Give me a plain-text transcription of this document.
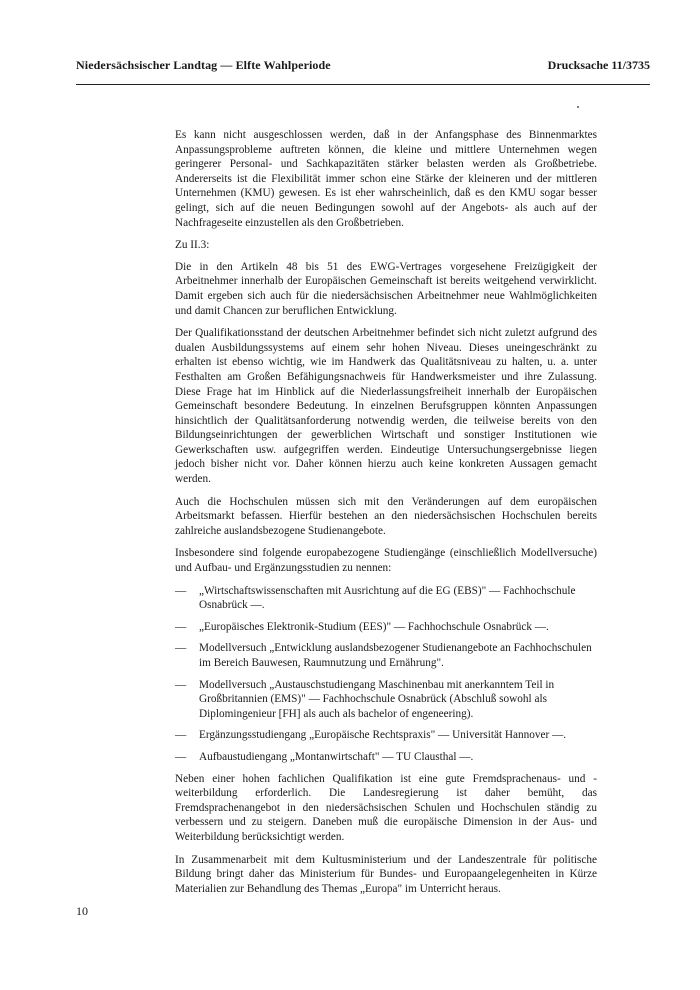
Niedersächsischer Landtag — Elfte Wahlperiode	Drucksache 11/3735

Es kann nicht ausgeschlossen werden, daß in der Anfangsphase des Binnenmarktes Anpassungsprobleme auftreten können, die kleine und mittlere Unternehmen wegen geringerer Personal- und Sachkapazitäten stärker belasten werden als Großbetriebe. Andererseits ist die Flexibilität immer schon eine Stärke der kleineren und der mittleren Unternehmen (KMU) gewesen. Es ist eher wahrscheinlich, daß es den KMU sogar besser gelingt, sich auf die neuen Bedingungen sowohl auf der Angebots- als auch auf der Nachfrageseite einzustellen als den Großbetrieben.

Zu II.3:

Die in den Artikeln 48 bis 51 des EWG-Vertrages vorgesehene Freizügigkeit der Arbeitnehmer innerhalb der Europäischen Gemeinschaft ist bereits weitgehend verwirklicht. Damit ergeben sich auch für die niedersächsischen Arbeitnehmer neue Wahlmöglichkeiten und damit Chancen zur beruflichen Entwicklung.

Der Qualifikationsstand der deutschen Arbeitnehmer befindet sich nicht zuletzt aufgrund des dualen Ausbildungssystems auf einem sehr hohen Niveau. Dieses uneingeschränkt zu erhalten ist ebenso wichtig, wie im Handwerk das Qualitätsniveau zu halten, u. a. unter Festhalten am Großen Befähigungsnachweis für Handwerksmeister und ihre Zulassung. Diese Frage hat im Hinblick auf die Niederlassungsfreiheit innerhalb der Europäischen Gemeinschaft besondere Bedeutung. In einzelnen Berufsgruppen könnten Anpassungen hinsichtlich der Qualitätsanforderung notwendig werden, die teilweise bereits von den Bildungseinrichtungen der gewerblichen Wirtschaft und sonstiger Institutionen wie Gewerkschaften usw. aufgegriffen werden. Eindeutige Untersuchungsergebnisse liegen jedoch bisher nicht vor. Daher können hierzu auch keine konkreten Aussagen gemacht werden.

Auch die Hochschulen müssen sich mit den Veränderungen auf dem europäischen Arbeitsmarkt befassen. Hierfür bestehen an den niedersächsischen Hochschulen bereits zahlreiche auslandsbezogene Studienangebote.

Insbesondere sind folgende europabezogene Studiengänge (einschließlich Modellversuche) und Aufbau- und Ergänzungsstudien zu nennen:

— „Wirtschaftswissenschaften mit Ausrichtung auf die EG (EBS)" — Fachhochschule Osnabrück —.
— „Europäisches Elektronik-Studium (EES)" — Fachhochschule Osnabrück —.
— Modellversuch „Entwicklung auslandsbezogener Studienangebote an Fachhochschulen im Bereich Bauwesen, Raumnutzung und Ernährung".
— Modellversuch „Austauschstudiengang Maschinenbau mit anerkanntem Teil in Großbritannien (EMS)" — Fachhochschule Osnabrück (Abschluß sowohl als Diplomingenieur [FH] als auch als bachelor of engeneering).
— Ergänzungsstudiengang „Europäische Rechtspraxis" — Universität Hannover —.
— Aufbaustudiengang „Montanwirtschaft" — TU Clausthal —.

Neben einer hohen fachlichen Qualifikation ist eine gute Fremdsprachenaus- und -weiterbildung erforderlich. Die Landesregierung ist daher bemüht, das Fremdsprachenangebot in den niedersächsischen Schulen und Hochschulen ständig zu verbessern und zu steigern. Daneben muß die europäische Dimension in der Aus- und Weiterbildung berücksichtigt werden.

In Zusammenarbeit mit dem Kultusministerium und der Landeszentrale für politische Bildung bringt daher das Ministerium für Bundes- und Europaangelegenheiten in Kürze Materialien zur Behandlung des Themas „Europa" im Unterricht heraus.

10
